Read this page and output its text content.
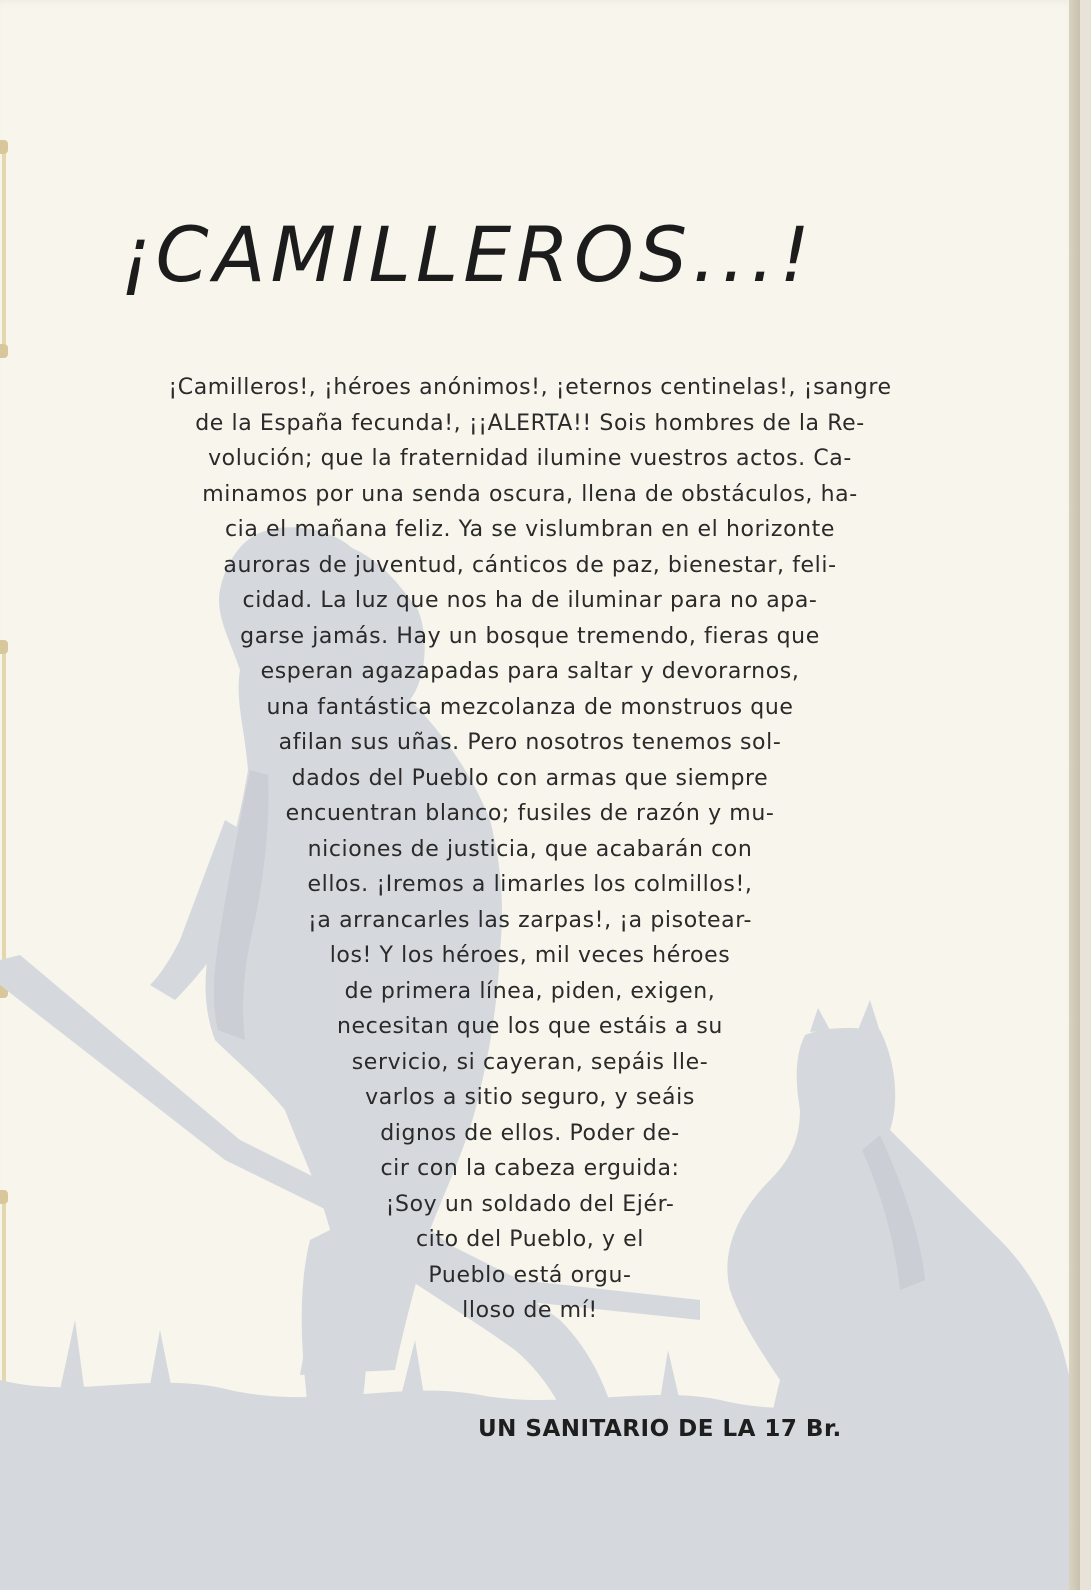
¡CAMILLEROS...!
¡Camilleros!, ¡héroes anónimos!, ¡eternos centinelas!, ¡sangre
de la España fecunda!, ¡¡ALERTA!! Sois hombres de la Re-
volución; que la fraternidad ilumine vuestros actos. Ca-
minamos por una senda oscura, llena de obstáculos, ha-
cia el mañana feliz. Ya se vislumbran en el horizonte
auroras de juventud, cánticos de paz, bienestar, feli-
cidad. La luz que nos ha de iluminar para no apa-
garse jamás. Hay un bosque tremendo, fieras que
esperan agazapadas para saltar y devorarnos,
una fantástica mezcolanza de monstruos que
afilan sus uñas. Pero nosotros tenemos sol-
dados del Pueblo con armas que siempre
encuentran blanco; fusiles de razón y mu-
niciones de justicia, que acabarán con
ellos. ¡Iremos a limarles los colmillos!,
¡a arrancarles las zarpas!, ¡a pisotear-
los! Y los héroes, mil veces héroes
de primera línea, piden, exigen,
necesitan que los que estáis a su
servicio, si cayeran, sepáis lle-
varlos a sitio seguro, y seáis
dignos de ellos. Poder de-
cir con la cabeza erguida:
¡Soy un soldado del Ejér-
cito del Pueblo, y el
Pueblo está orgu-
lloso de mí!
UN SANITARIO DE LA 17 Br.
